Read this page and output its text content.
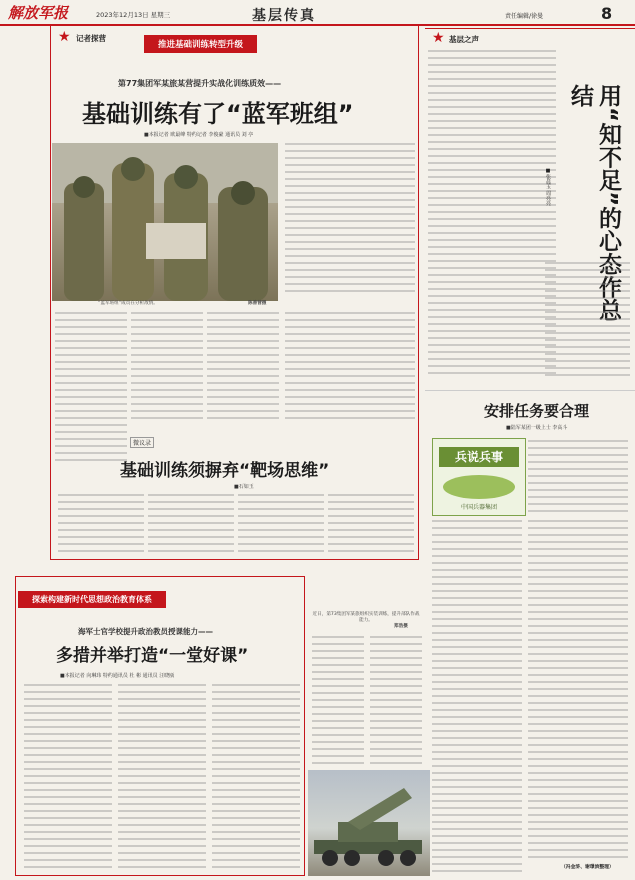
解放军报	2023年12月13日 星期三	基层传真	责任编辑/徐曼	8
★ 记者探营
推进基础训练转型升级
第77集团军某旅某营提升实战化训练质效——
基础训练有了“蓝军班组”
■本报记者 欧最峰 特约记者 李俊豪 通讯员 刘 亭
“蓝军班组”成员在分析敌情。	陈善营摄
微议录
基础训练须摒弃“靶场思维”
■石如玉
★ 基层之声
用“知不足”的心态作总结
■张晨玉 周亮亮
安排任务要合理
■陆军某团一级上士 李高斗
兵说兵事
中国兵器集团
（冯金浒、谢璟滨整理）
探索构建新时代思想政治教育体系
海军士官学校提升政治教员授课能力——
多措并举打造“一堂好课”
■本报记者 向琳玮 特约通讯员 杜 彬 通讯员 汪晓瓯
近日，第73集团军某旅组织实装训练，提升部队作战能力。
郑浩摄
